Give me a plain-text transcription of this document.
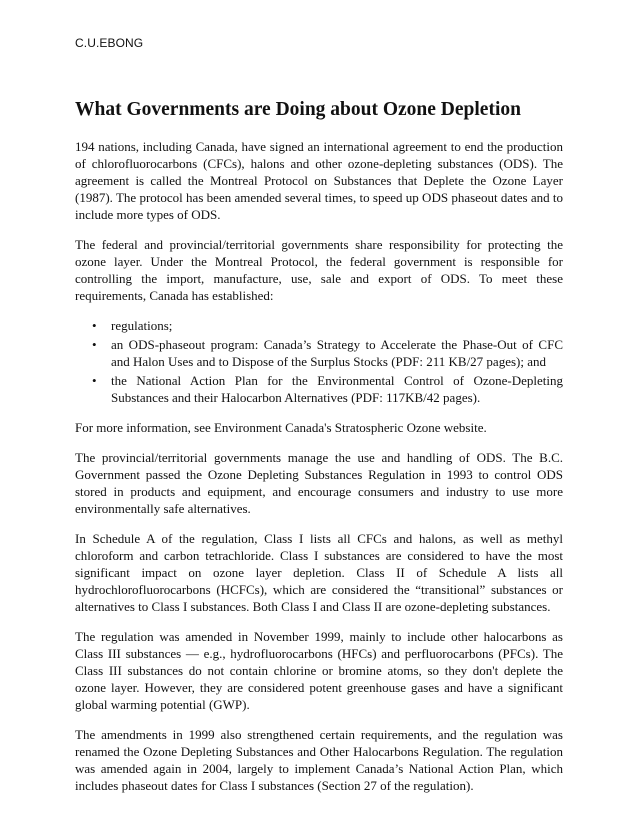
C.U.EBONG
What Governments are Doing about Ozone Depletion

194 nations, including Canada, have signed an international agreement to end the production of chlorofluorocarbons (CFCs), halons and other ozone-depleting substances (ODS). The agreement is called the Montreal Protocol on Substances that Deplete the Ozone Layer (1987). The protocol has been amended several times, to speed up ODS phaseout dates and to include more types of ODS.

The federal and provincial/territorial governments share responsibility for protecting the ozone layer. Under the Montreal Protocol, the federal government is responsible for controlling the import, manufacture, use, sale and export of ODS. To meet these requirements, Canada has established:

• regulations;
• an ODS-phaseout program: Canada’s Strategy to Accelerate the Phase-Out of CFC and Halon Uses and to Dispose of the Surplus Stocks (PDF: 211 KB/27 pages); and
• the National Action Plan for the Environmental Control of Ozone-Depleting Substances and their Halocarbon Alternatives (PDF: 117KB/42 pages).

For more information, see Environment Canada's Stratospheric Ozone website.

The provincial/territorial governments manage the use and handling of ODS. The B.C. Government passed the Ozone Depleting Substances Regulation in 1993 to control ODS stored in products and equipment, and encourage consumers and industry to use more environmentally safe alternatives.

In Schedule A of the regulation, Class I lists all CFCs and halons, as well as methyl chloroform and carbon tetrachloride. Class I substances are considered to have the most significant impact on ozone layer depletion. Class II of Schedule A lists all hydrochlorofluorocarbons (HCFCs), which are considered the “transitional” substances or alternatives to Class I substances. Both Class I and Class II are ozone-depleting substances.

The regulation was amended in November 1999, mainly to include other halocarbons as Class III substances — e.g., hydrofluorocarbons (HFCs) and perfluorocarbons (PFCs). The Class III substances do not contain chlorine or bromine atoms, so they don't deplete the ozone layer. However, they are considered potent greenhouse gases and have a significant global warming potential (GWP).

The amendments in 1999 also strengthened certain requirements, and the regulation was renamed the Ozone Depleting Substances and Other Halocarbons Regulation. The regulation was amended again in 2004, largely to implement Canada’s National Action Plan, which includes phaseout dates for Class I substances (Section 27 of the regulation).
